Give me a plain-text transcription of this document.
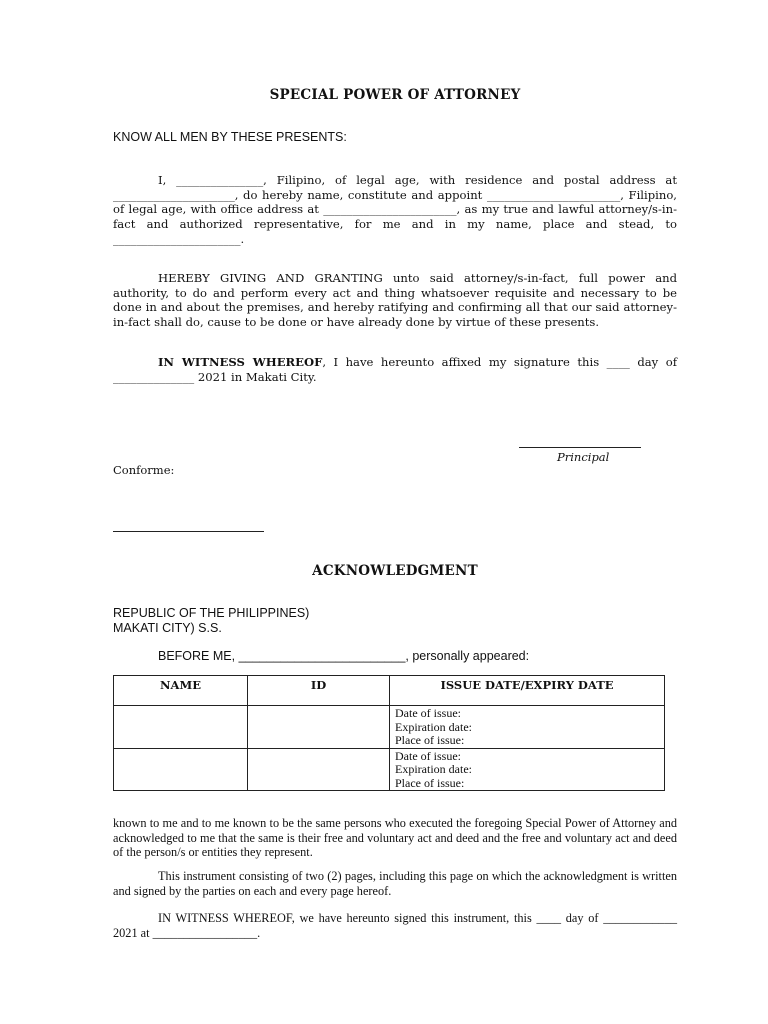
SPECIAL POWER OF ATTORNEY

KNOW ALL MEN BY THESE PRESENTS:

I, _______________, Filipino, of legal age, with residence and postal address at _____________________, do hereby name, constitute and appoint _______________________, Filipino, of legal age, with office address at _______________________, as my true and lawful attorney/s-in-fact and authorized representative, for me and in my name, place and stead, to ______________________.

HEREBY GIVING AND GRANTING unto said attorney/s-in-fact, full power and authority, to do and perform every act and thing whatsoever requisite and necessary to be done in and about the premises, and hereby ratifying and confirming all that our said attorney-in-fact shall do, cause to be done or have already done by virtue of these presents.

IN WITNESS WHEREOF, I have hereunto affixed my signature this ____ day of ______________ 2021 in Makati City.

Principal

Conforme:

ACKNOWLEDGMENT

REPUBLIC OF THE PHILIPPINES)

MAKATI CITY) S.S.

BEFORE ME, ________________________, personally appeared:

NAME	ID	ISSUE DATE/EXPIRY DATE

		Date of issue:
Expiration date:
Place of issue:

		Date of issue:
Expiration date:
Place of issue:

known to me and to me known to be the same persons who executed the foregoing Special Power of Attorney and acknowledged to me that the same is their free and voluntary act and deed and the free and voluntary act and deed of the person/s or entities they represent.

This instrument consisting of two (2) pages, including this page on which the acknowledgment is written and signed by the parties on each and every page hereof.

IN WITNESS WHEREOF, we have hereunto signed this instrument, this ____ day of ____________ 2021 at _________________.
